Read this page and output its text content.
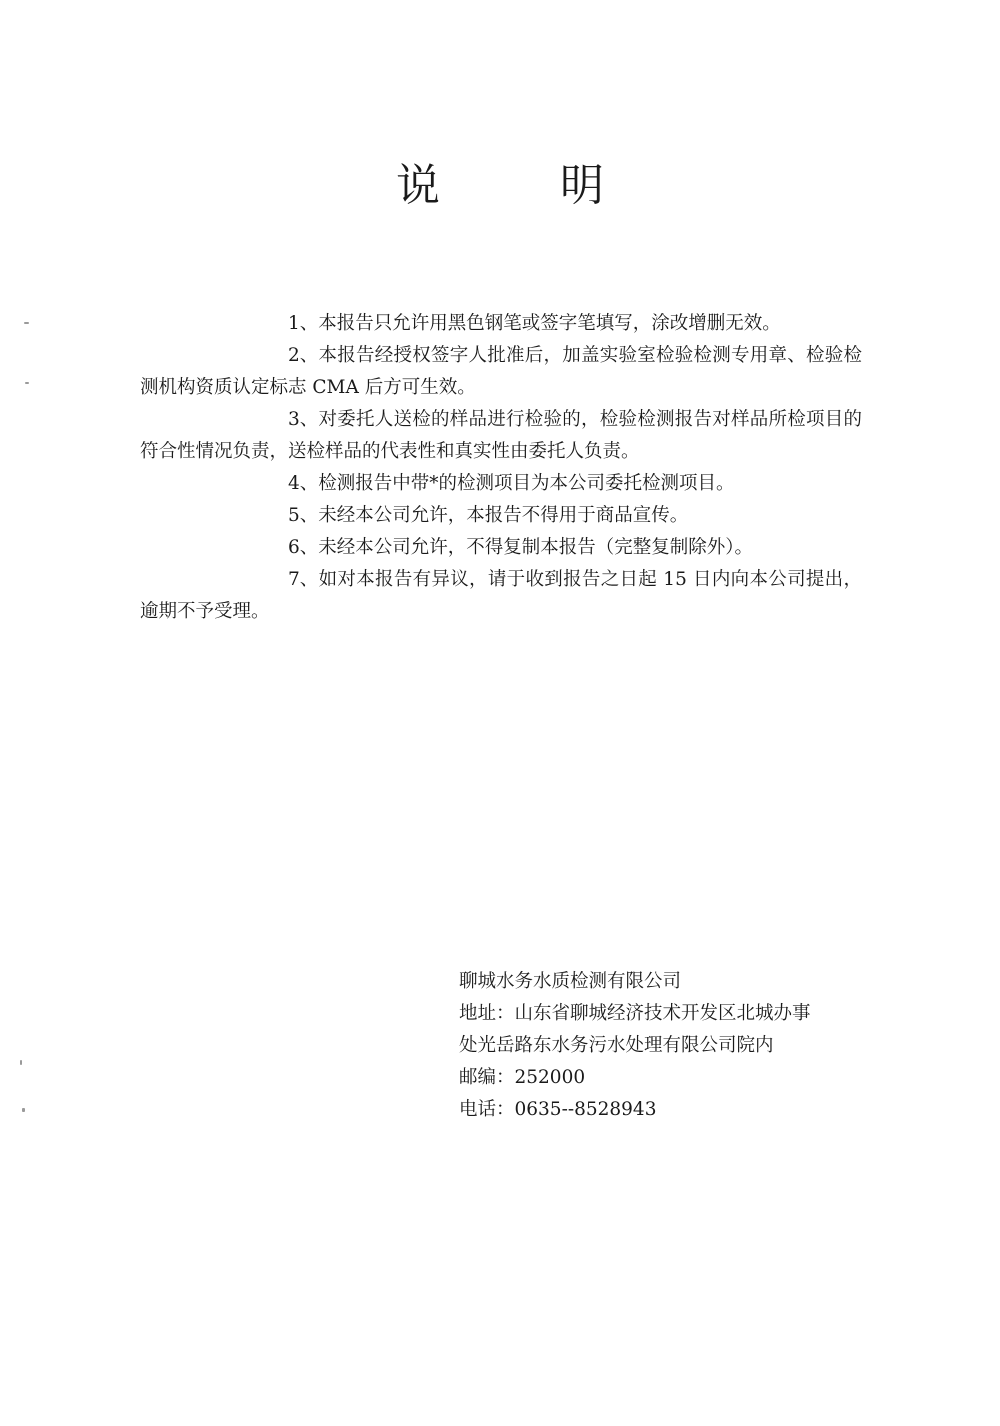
说	明

1、本报告只允许用黑色钢笔或签字笔填写，涂改增删无效。

2、本报告经授权签字人批准后，加盖实验室检验检测专用章、检验检测机构资质认定标志 CMA 后方可生效。

3、对委托人送检的样品进行检验的，检验检测报告对样品所检项目的符合性情况负责，送检样品的代表性和真实性由委托人负责。

4、检测报告中带*的检测项目为本公司委托检测项目。

5、未经本公司允许，本报告不得用于商品宣传。

6、未经本公司允许，不得复制本报告（完整复制除外）。

7、如对本报告有异议，请于收到报告之日起 15 日内向本公司提出，逾期不予受理。

聊城水务水质检测有限公司
地址：山东省聊城经济技术开发区北城办事
处光岳路东水务污水处理有限公司院内
邮编：252000
电话：0635--8528943
